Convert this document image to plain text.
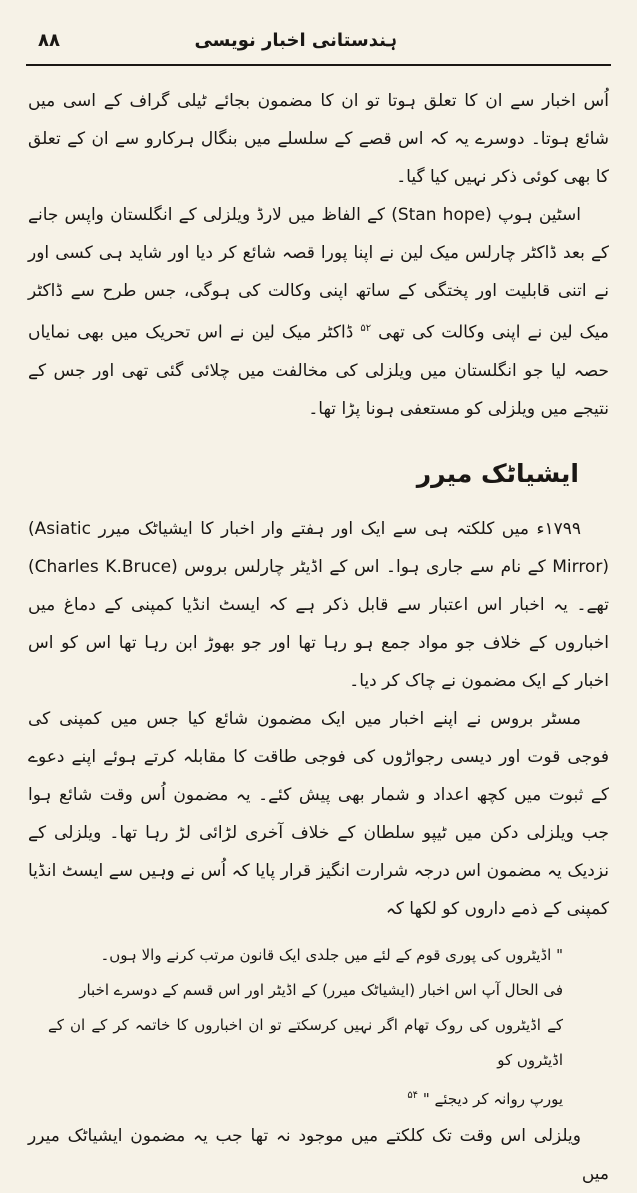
ہندستانی اخبار نویسی
۸۸

اُس اخبار سے ان کا تعلق ہوتا تو ان کا مضمون بجائے ٹیلی گراف کے اسی میں شائع ہوتا۔ دوسرے یہ کہ اس قصے کے سلسلے میں بنگال ہرکارو سے ان کے تعلق کا بھی کوئی ذکر نہیں کیا گیا۔

اسٹین ہوپ (Stan hope) کے الفاظ میں لارڈ ویلزلی کے انگلستان واپس جانے کے بعد ڈاکٹر چارلس میک لین نے اپنا پورا قصہ شائع کر دیا اور شاید ہی کسی اور نے اتنی قابلیت اور پختگی کے ساتھ اپنی وکالت کی ہوگی، جس طرح سے ڈاکٹر میک لین نے اپنی وکالت کی تھی $^{۵۲}$ ڈاکٹر میک لین نے اس تحریک میں بھی نمایاں حصہ لیا جو انگلستان میں ویلزلی کی مخالفت میں چلائی گئی تھی اور جس کے نتیجے میں ویلزلی کو مستعفی ہونا پڑا تھا۔

ایشیاٹک میرر

۱۷۹۹ء میں کلکتہ ہی سے ایک اور ہفتے وار اخبار کا ایشیاٹک میرر (Asiatic Mirror) کے نام سے جاری ہوا۔ اس کے اڈیٹر چارلس بروس (Charles K.Bruce) تھے۔ یہ اخبار اس اعتبار سے قابل ذکر ہے کہ ایسٹ انڈیا کمپنی کے دماغ میں اخباروں کے خلاف جو مواد جمع ہو رہا تھا اور جو بھوڑ ابن رہا تھا اس کو اس اخبار کے ایک مضمون نے چاک کر دیا۔

مسٹر بروس نے اپنے اخبار میں ایک مضمون شائع کیا جس میں کمپنی کی فوجی قوت اور دیسی رجواڑوں کی فوجی طاقت کا مقابلہ کرتے ہوئے اپنے دعوے کے ثبوت میں کچھ اعداد و شمار بھی پیش کئے۔ یہ مضمون اُس وقت شائع ہوا جب ویلزلی دکن میں ٹیپو سلطان کے خلاف آخری لڑائی لڑ رہا تھا۔ ویلزلی کے نزدیک یہ مضمون اس درجہ شرارت انگیز قرار پایا کہ اُس نے وہیں سے ایسٹ انڈیا کمپنی کے ذمے داروں کو لکھا کہ

" اڈیٹروں کی پوری قوم کے لئے میں جلدی ایک قانون مرتب کرنے والا ہوں۔
فی الحال آپ اس اخبار (ایشیاٹک میرر) کے اڈیٹر اور اس قسم کے دوسرے اخبار
کے اڈیٹروں کی روک تھام اگر نہیں کرسکتے تو ان اخباروں کا خاتمہ کر کے ان کے اڈیٹروں کو
یورپ روانہ کر دیجئے " $^{۵۴}$

ویلزلی اس وقت تک کلکتے میں موجود نہ تھا جب یہ مضمون ایشیاٹک میرر میں
